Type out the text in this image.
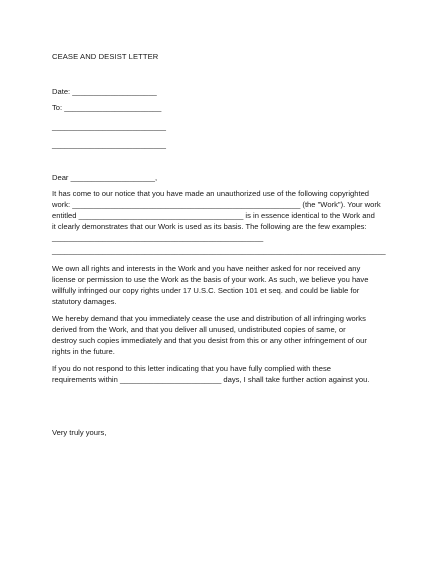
CEASE AND DESIST LETTER
Date: ____________________
To: _______________________
___________________________
___________________________
Dear ____________________,
It has come to our notice that you have made an unauthorized use of the following copyrighted
work: ______________________________________________________ (the "Work"). Your work
entitled _______________________________________ is in essence identical to the Work and
it clearly demonstrates that our Work is used as its basis. The following are the few examples:
__________________________________________________
_______________________________________________________________________________
We own all rights and interests in the Work and you have neither asked for nor received any
license or permission to use the Work as the basis of your work. As such, we believe you have
willfully infringed our copy rights under 17 U.S.C. Section 101 et seq. and could be liable for
statutory damages.
We hereby demand that you immediately cease the use and distribution of all infringing works
derived from the Work, and that you deliver all unused, undistributed copies of same, or
destroy such copies immediately and that you desist from this or any other infringement of our
rights in the future.
If you do not respond to this letter indicating that you have fully complied with these
requirements within ________________________ days, I shall take further action against you.
Very truly yours,
